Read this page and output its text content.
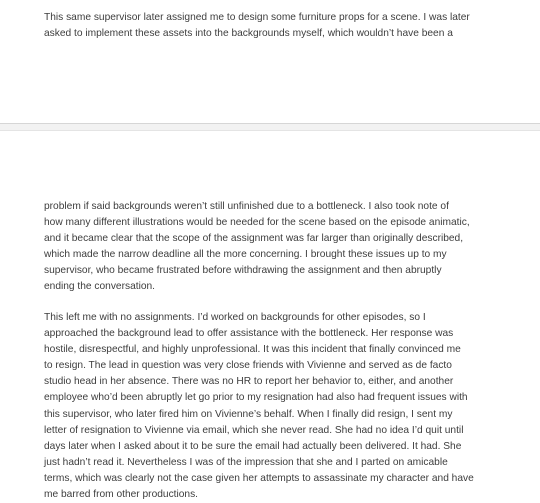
This same supervisor later assigned me to design some furniture props for a scene. I was later
asked to implement these assets into the backgrounds myself, which wouldn’t have been a
problem if said backgrounds weren’t still unfinished due to a bottleneck. I also took note of
how many different illustrations would be needed for the scene based on the episode animatic,
and it became clear that the scope of the assignment was far larger than originally described,
which made the narrow deadline all the more concerning. I brought these issues up to my
supervisor, who became frustrated before withdrawing the assignment and then abruptly
ending the conversation.
This left me with no assignments. I’d worked on backgrounds for other episodes, so I
approached the background lead to offer assistance with the bottleneck. Her response was
hostile, disrespectful, and highly unprofessional. It was this incident that finally convinced me
to resign. The lead in question was very close friends with Vivienne and served as de facto
studio head in her absence. There was no HR to report her behavior to, either, and another
employee who’d been abruptly let go prior to my resignation had also had frequent issues with
this supervisor, who later fired him on Vivienne’s behalf. When I finally did resign, I sent my
letter of resignation to Vivienne via email, which she never read. She had no idea I’d quit until
days later when I asked about it to be sure the email had actually been delivered. It had. She
just hadn’t read it. Nevertheless I was of the impression that she and I parted on amicable
terms, which was clearly not the case given her attempts to assassinate my character and have
me barred from other productions.
